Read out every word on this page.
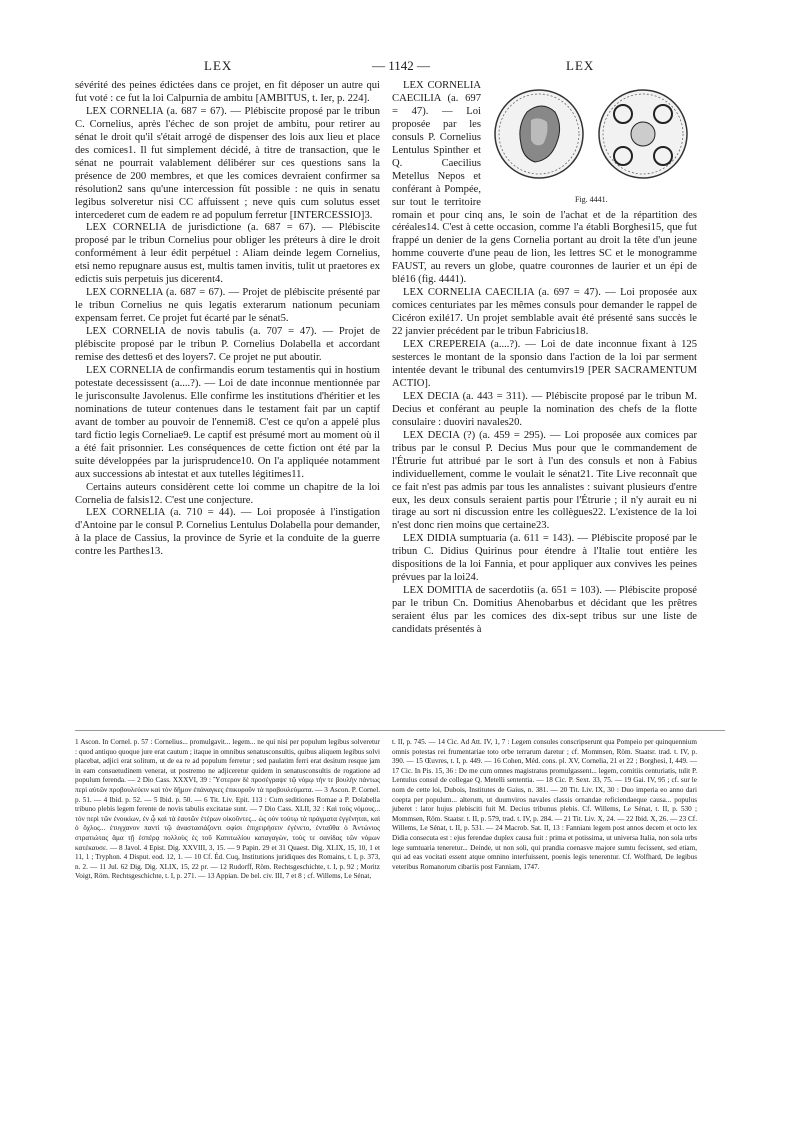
LEX	— 1142 —	LEX

sévérité des peines édictées dans ce projet, en fit déposer un autre qui fut voté : ce fut la loi Calpurnia de ambitu [AMBITUS, t. Ier, p. 224].

LEX CORNELIA (a. 687 = 67). — Plébiscite proposé par le tribun C. Cornelius, après l'échec de son projet de ambitu, pour retirer au sénat le droit qu'il s'était arrogé de dispenser des lois aux lieu et place des comices1. Il fut simplement décidé, à titre de transaction, que le sénat ne pourrait valablement délibérer sur ces questions sans la présence de 200 membres, et que les comices devraient confirmer sa résolution2 sans qu'une intercession fût possible : ne quis in senatu legibus solveretur nisi CC affuissent ; neve quis cum solutus esset intercederet cum de eadem re ad populum ferretur [INTERCESSIO]3.

LEX CORNELIA de jurisdictione (a. 687 = 67). — Plébiscite proposé par le tribun Cornelius pour obliger les préteurs à dire le droit conformément à leur édit perpétuel : Aliam deinde legem Cornelius, etsi nemo repugnare ausus est, multis tamen invitis, tulit ut praetores ex edictis suis perpetuis jus dicerent4.

LEX CORNELIA (a. 687 = 67). — Projet de plébiscite présenté par le tribun Cornelius ne quis legatis exterarum nationum pecuniam expensam ferret. Ce projet fut écarté par le sénat5.

LEX CORNELIA de novis tabulis (a. 707 = 47). — Projet de plébiscite proposé par le tribun P. Cornelius Dolabella et accordant remise des dettes6 et des loyers7. Ce projet ne put aboutir.

LEX CORNELIA de confirmandis eorum testamentis qui in hostium potestate decessissent (a....?). — Loi de date inconnue mentionnée par le jurisconsulte Javolenus. Elle confirme les institutions d'héritier et les nominations de tuteur contenues dans le testament fait par un captif avant de tomber au pouvoir de l'ennemi8. C'est ce qu'on a appelé plus tard fictio legis Corneliae9. Le captif est présumé mort au moment où il a été fait prisonnier. Les conséquences de cette fiction ont été par la suite développées par la jurisprudence10. On l'a appliquée notamment aux successions ab intestat et aux tutelles légitimes11.

Certains auteurs considèrent cette loi comme un chapitre de la loi Cornelia de falsis12. C'est une conjecture.

LEX CORNELIA (a. 710 = 44). — Loi proposée à l'instigation d'Antoine par le consul P. Cornelius Lentulus Dolabella pour demander, à la place de Cassius, la province de Syrie et la conduite de la guerre contre les Parthes13.

Fig. 4441.

LEX CORNELIA CAECILIA (a. 697 = 47). — Loi proposée par les consuls P. Cornelius Lentulus Spinther et Q. Caecilius Metellus Nepos et conférant à Pompée, sur tout le territoire romain et pour cinq ans, le soin de l'achat et de la répartition des céréales14. C'est à cette occasion, comme l'a établi Borghesi15, que fut frappé un denier de la gens Cornelia portant au droit la tête d'un jeune homme couverte d'une peau de lion, les lettres SC et le monogramme FAUST, au revers un globe, quatre couronnes de laurier et un épi de blé16 (fig. 4441).

LEX CORNELIA CAECILIA (a. 697 = 47). — Loi proposée aux comices centuriates par les mêmes consuls pour demander le rappel de Cicéron exilé17. Un projet semblable avait été présenté sans succès le 22 janvier précédent par le tribun Fabricius18.

LEX CREPEREIA (a....?). — Loi de date inconnue fixant à 125 sesterces le montant de la sponsio dans l'action de la loi par serment intentée devant le tribunal des centumvirs19 [PER SACRAMENTUM ACTIO].

LEX DECIA (a. 443 = 311). — Plébiscite proposé par le tribun M. Decius et conférant au peuple la nomination des chefs de la flotte consulaire : duoviri navales20.

LEX DECIA (?) (a. 459 = 295). — Loi proposée aux comices par tribus par le consul P. Decius Mus pour que le commandement de l'Étrurie fut attribué par le sort à l'un des consuls et non à Fabius individuellement, comme le voulait le sénat21. Tite Live reconnaît que ce fait n'est pas admis par tous les annalistes : suivant plusieurs d'entre eux, les deux consuls seraient partis pour l'Étrurie ; il n'y aurait eu ni tirage au sort ni discussion entre les collègues22. L'existence de la loi n'est donc rien moins que certaine23.

LEX DIDIA sumptuaria (a. 611 = 143). — Plébiscite proposé par le tribun C. Didius Quirinus pour étendre à l'Italie tout entière les dispositions de la loi Fannia, et pour appliquer aux convives les peines prévues par la loi24.

LEX DOMITIA de sacerdotiis (a. 651 = 103). — Plébiscite proposé par le tribun Cn. Domitius Ahenobarbus et décidant que les prêtres seraient élus par les comices des dix-sept tribus sur une liste de candidats présentés à

1 Ascon. In Cornel. p. 57 : Cornelius... promulgavit... legem... ne qui nisi per populum legibus solveretur : quod antiquo quoque jure erat cautum ; itaque in omnibus senatusconsultis, quibus aliquem legibus solvi placebat, adjici erat solitum, ut de ea re ad populum ferretur ; sed paulatim ferri erat desitum resque jam in eam consuetudinem venerat, ut postremo ne adjiceretur quidem in senatusconsultis de rogatione ad populum ferenda. — 2 Dio Cass. XXXVI, 39 : Ὕστερον δὲ προσέγραψε τῷ νόμῳ τὴν τε βουλὴν πάντως περὶ αὐτῶν προβουλεύειν καὶ τὸν δῆμον ἐπάναγκες ἐπικυροῦν τὰ προβουλεύματα. — 3 Ascon. P. Cornel. p. 51. — 4 Ibid. p. 52. — 5 Ibid. p. 50. — 6 Tit. Liv. Epit. 113 : Cum seditiones Romae a P. Dolabella tribuno plebis legem ferente de novis tabulis excitatae sunt. — 7 Dio Cass. XLII, 32 : Καὶ τοὺς νόμους... τόν περὶ τῶν ἐνοικίων, ἐν ᾧ καὶ τὰ ἑαυτῶν ἑτέρων οἰκοῦντες... ὡς οὐν τούτῳ τὰ πράγματα ἐγγένηται, καὶ ὁ ὄχλος... ἐτυγχανον παντὶ τῷ ἀναστασιάζοντι σφίσι ἐπιχειρήσειν ἐγένετο, ἐνταῦθα ὁ Ἀντώνιος στρατιώτας ἅμα τῇ ἑσπέρᾳ πολλοὺς ἐς τοῦ Καπιτωλίου καταγαγών, τοὺς τε σανίδας τῶν νόμων κατέκαυσε. — 8 Javol. 4 Epist. Dig. XXVIII, 3, 15. — 9 Papin. 29 et 31 Quaest. Dig. XLIX, 15, 10, 1 et 11, 1 ; Tryphon. 4 Disput. eod. 12, 1. — 10 Cf. Éd. Cuq, Institutions juridiques des Romains, t. I, p. 373, n. 2. — 11 Jul. 62 Dig. Dig. XLIX, 15, 22 pr. — 12 Rudorff, Röm. Rechtsgeschichte, t. I, p. 92 ; Moritz Voigt, Röm. Rechtsgeschichte, t. I, p. 271. — 13 Appian. De bel. civ. III, 7 et 8 ; cf. Willems, Le Sénat,
t. II, p. 745. — 14 Cic. Ad Att. IV, 1, 7 : Legem consules conscripserunt qua Pompeio per quinquennium omnis potestas rei frumentariae toto orbe terrarum daretur ; cf. Mommsen, Röm. Staatsr. trad. t. IV, p. 390. — 15 Œuvres, t. I, p. 449. — 16 Cohen, Méd. cons. pl. XV, Cornelia, 21 et 22 ; Borghesi, I, 449. — 17 Cic. In Pis. 15, 36 : De me cum omnes magistratus promulgassent... legem, comitiis centuriatis, tulit P. Lentulus consul de collegae Q. Metelli sententia. — 18 Cic. P. Sext. 33, 75. — 19 Gai. IV, 95 ; cf. sur le nom de cette loi, Dubois, Institutes de Gaius, n. 381. — 20 Tit. Liv. IX, 30 : Duo imperia eo anno dari coepta per populum... alterum, ut duumviros navales classis ornandae reficiendaeque causa... populus juberet : lator hujus plebisciti fuit M. Decius tribunus plebis. Cf. Willems, Le Sénat, t. II, p. 530 ; Mommsen, Röm. Staatsr. t. II, p. 579, trad. t. IV, p. 284. — 21 Tit. Liv. X, 24. — 22 Ibid. X, 26. — 23 Cf. Willems, Le Sénat, t. II, p. 531. — 24 Macrob. Sat. II, 13 : Fannianı legem post annos decem et octo lex Didia consecuta est : ejus ferendae duplex causa fuit : prima et potissima, ut universa Italia, non sola urbs lege sumtuaria teneretur... Deinde, ut non soli, qui prandia coenasve majore sumtu fecissent, sed etiam, qui ad eas vocitati essent atque omnino interfuissent, poenis legis tenerentur. Cf. Wolfhard, De legibus veteribus Romanorum cibariis post Fanniam, 1747.
